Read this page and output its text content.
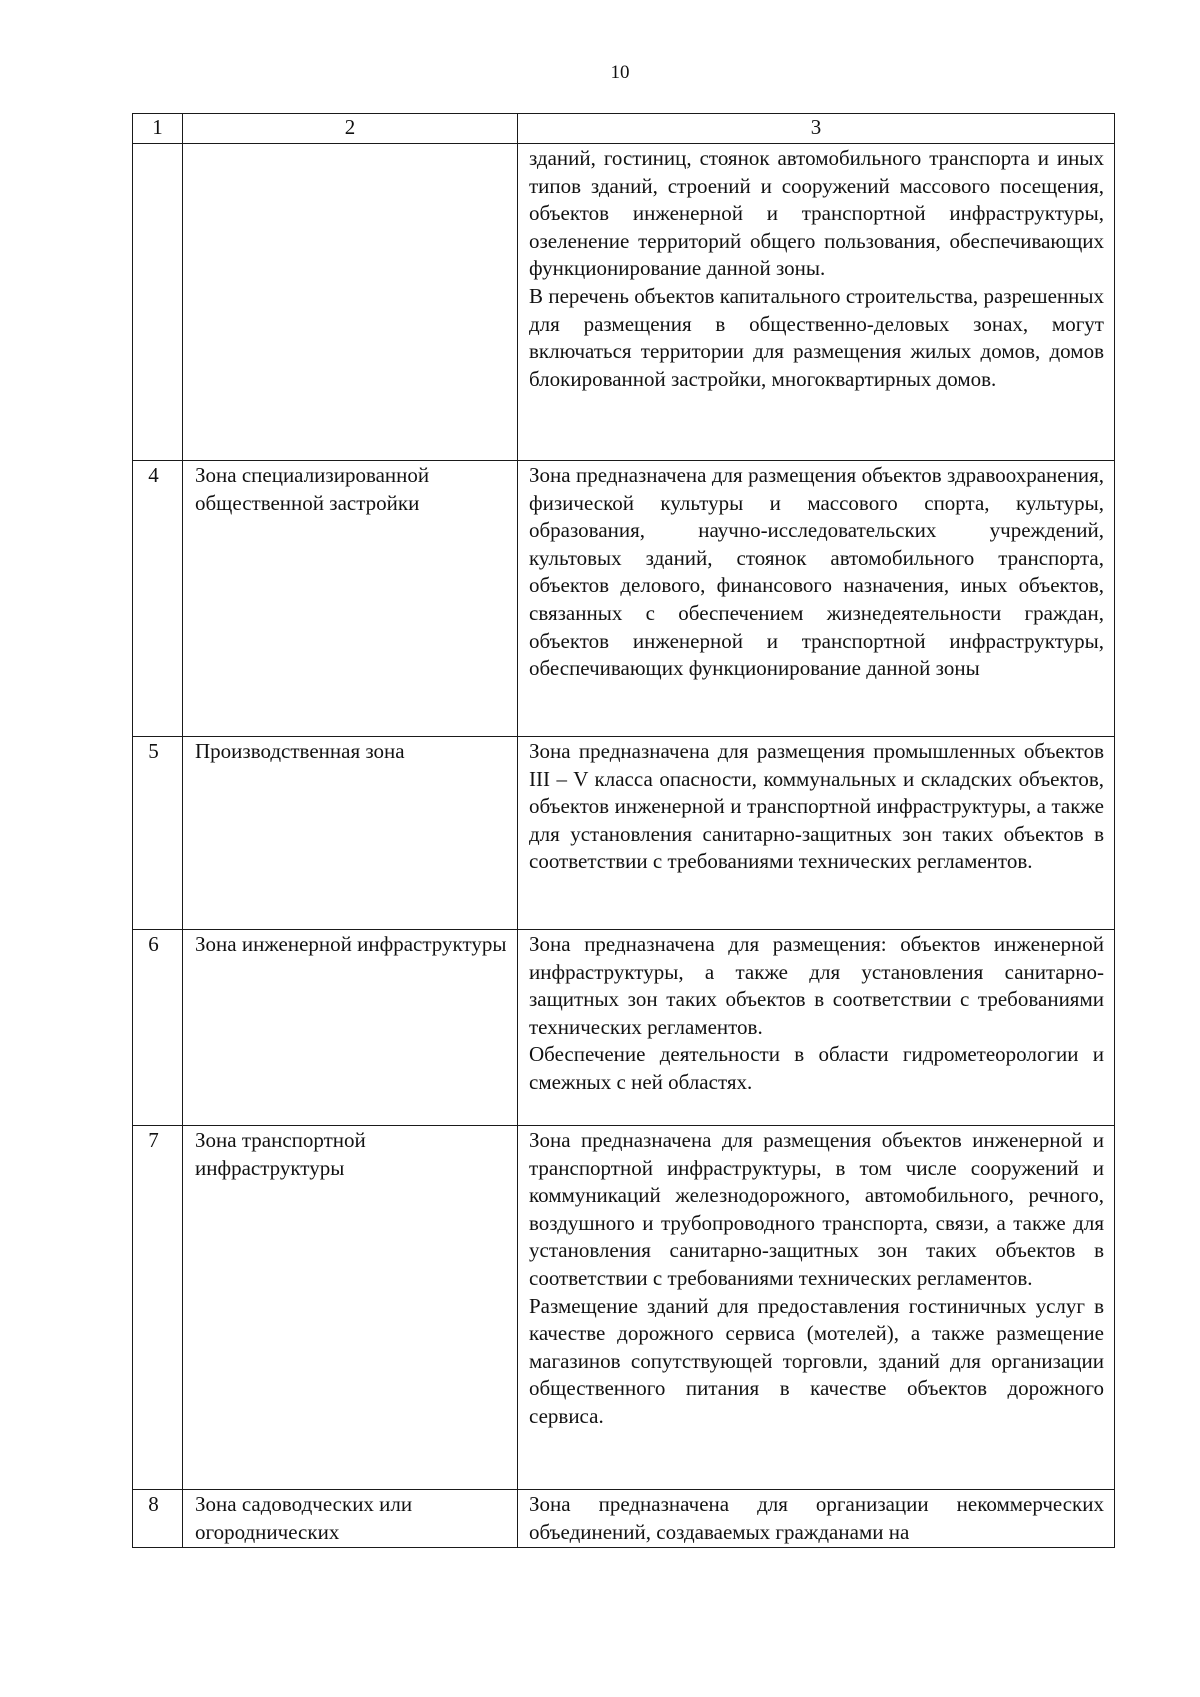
10
1	2	3

		зданий, гостиниц, стоянок автомобильного транспорта и иных типов зданий, строений и сооружений массового посещения, объектов инженерной и транспортной инфраструктуры, озеленение территорий общего пользования, обеспечивающих функционирование данной зоны.

В перечень объектов капитального строительства, разрешенных для размещения в общественно-деловых зонах, могут включаться территории для размещения жилых домов, домов блокированной застройки, многоквартирных домов.

4	Зона специализированной общественной застройки	Зона предназначена для размещения объектов здравоохранения, физической культуры и массового спорта, культуры, образования, научно-исследовательских учреждений, культовых зданий, стоянок автомобильного транспорта, объектов делового, финансового назначения, иных объектов, связанных с обеспечением жизнедеятельности граждан, объектов инженерной и транспортной инфраструктуры, обеспечивающих функционирование данной зоны

5	Производственная зона	Зона предназначена для размещения промышленных объектов III – V класса опасности, коммунальных и складских объектов, объектов инженерной и транспортной инфраструктуры, а также для установления санитарно-защитных зон таких объектов в соответствии с требованиями технических регламентов.

6	Зона инженерной инфраструктуры	Зона предназначена для размещения: объектов инженерной инфраструктуры, а также для установления санитарно-защитных зон таких объектов в соответствии с требованиями технических регламентов.

Обеспечение деятельности в области гидрометеорологии и смежных с ней областях.

7	Зона транспортной инфраструктуры	Зона предназначена для размещения объектов инженерной и транспортной инфраструктуры, в том числе сооружений и коммуникаций железнодорожного, автомобильного, речного, воздушного и трубопроводного транспорта, связи, а также для установления санитарно-защитных зон таких объектов в соответствии с требованиями технических регламентов.

Размещение зданий для предоставления гостиничных услуг в качестве дорожного сервиса (мотелей), а также размещение магазинов сопутствующей торговли, зданий для организации общественного питания в качестве объектов дорожного сервиса.

8	Зона садоводческих или огороднических	Зона предназначена для организации некоммерческих объединений, создаваемых гражданами на
